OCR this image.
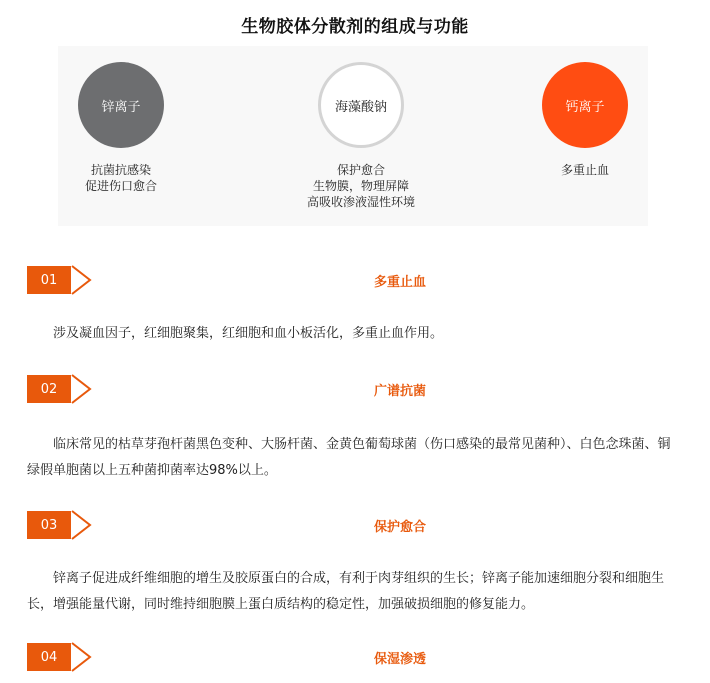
生物胶体分散剂的组成与功能
锌离子
抗菌抗感染
促进伤口愈合
海藻酸钠
保护愈合
生物膜，物理屏障
高吸收渗液湿性环境
钙离子
多重止血
01	多重止血

涉及凝血因子，红细胞聚集，红细胞和血小板活化，多重止血作用。

02	广谱抗菌

临床常见的枯草芽孢杆菌黑色变种、大肠杆菌、金黄色葡萄球菌（伤口感染的最常见菌种）、白色念珠菌、铜绿假单胞菌以上五种菌抑菌率达98%以上。

03	保护愈合

锌离子促进成纤维细胞的增生及胶原蛋白的合成，有利于肉芽组织的生长；锌离子能加速细胞分裂和细胞生长，增强能量代谢，同时维持细胞膜上蛋白质结构的稳定性，加强破损细胞的修复能力。

04	保湿渗透
